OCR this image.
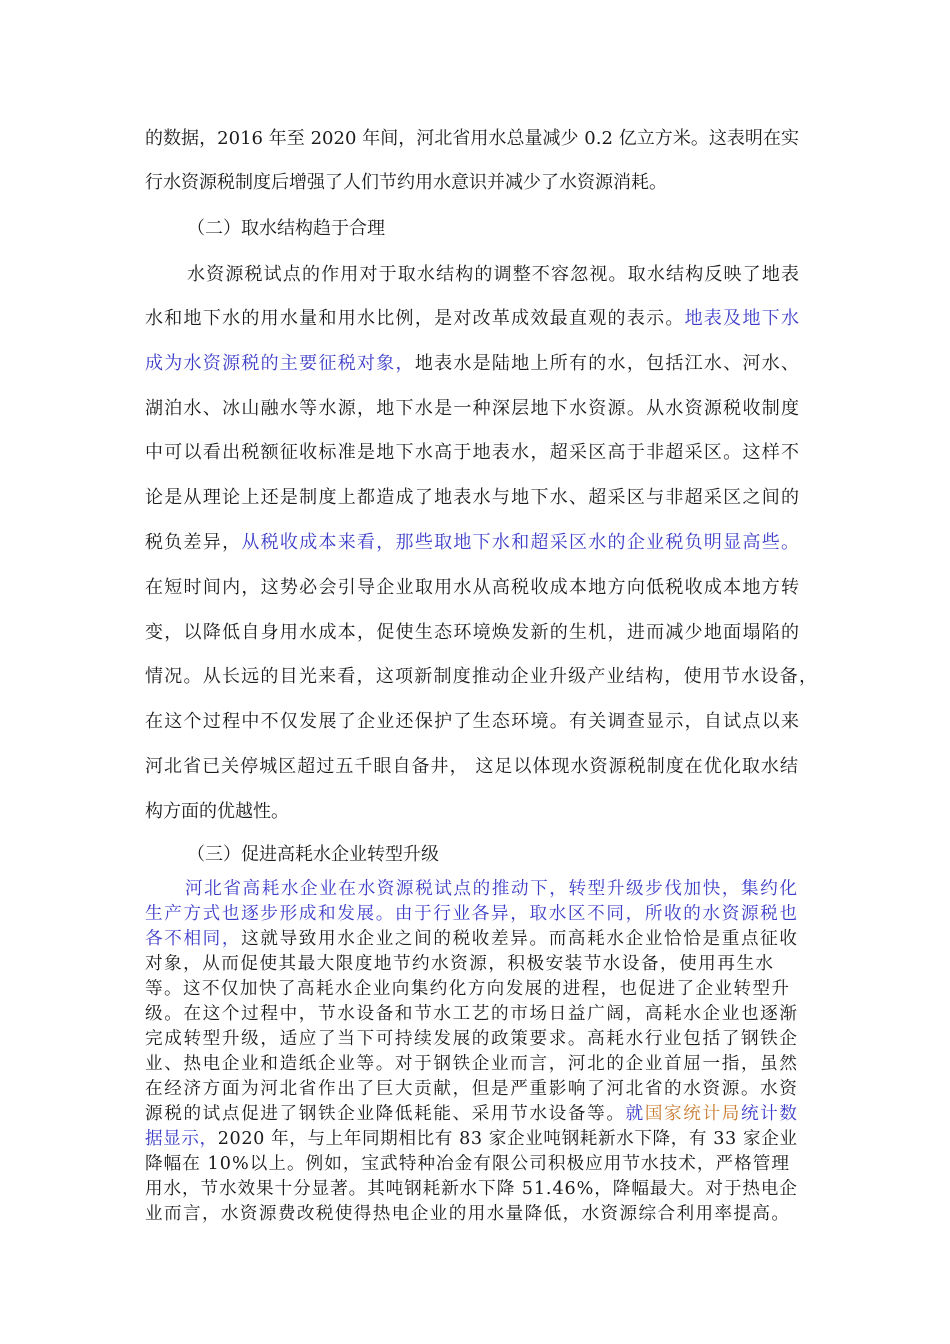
的数据，2016 年至 2020 年间，河北省用水总量减少 0.2 亿立方米。这表明在实
行水资源税制度后增强了人们节约用水意识并减少了水资源消耗。
（二）取水结构趋于合理
水资源税试点的作用对于取水结构的调整不容忽视。取水结构反映了地表
水和地下水的用水量和用水比例，是对改革成效最直观的表示。地表及地下水
成为水资源税的主要征税对象，地表水是陆地上所有的水，包括江水、河水、
湖泊水、冰山融水等水源，地下水是一种深层地下水资源。从水资源税收制度
中可以看出税额征收标准是地下水高于地表水，超采区高于非超采区。这样不
论是从理论上还是制度上都造成了地表水与地下水、超采区与非超采区之间的
税负差异，从税收成本来看，那些取地下水和超采区水的企业税负明显高些。
在短时间内，这势必会引导企业取用水从高税收成本地方向低税收成本地方转
变，以降低自身用水成本，促使生态环境焕发新的生机，进而减少地面塌陷的
情况。从长远的目光来看，这项新制度推动企业升级产业结构，使用节水设备，
在这个过程中不仅发展了企业还保护了生态环境。有关调查显示，自试点以来
河北省已关停城区超过五千眼自备井， 这足以体现水资源税制度在优化取水结
构方面的优越性。
（三）促进高耗水企业转型升级
河北省高耗水企业在水资源税试点的推动下，转型升级步伐加快，集约化
生产方式也逐步形成和发展。由于行业各异，取水区不同，所收的水资源税也
各不相同，这就导致用水企业之间的税收差异。而高耗水企业恰恰是重点征收
对象，从而促使其最大限度地节约水资源，积极安装节水设备，使用再生水
等。这不仅加快了高耗水企业向集约化方向发展的进程，也促进了企业转型升
级。在这个过程中，节水设备和节水工艺的市场日益广阔，高耗水企业也逐渐
完成转型升级，适应了当下可持续发展的政策要求。高耗水行业包括了钢铁企
业、热电企业和造纸企业等。对于钢铁企业而言，河北的企业首屈一指，虽然
在经济方面为河北省作出了巨大贡献，但是严重影响了河北省的水资源。水资
源税的试点促进了钢铁企业降低耗能、采用节水设备等。就国家统计局统计数
据显示，2020 年，与上年同期相比有 83 家企业吨钢耗新水下降，有 33 家企业
降幅在 10%以上。例如，宝武特种冶金有限公司积极应用节水技术，严格管理
用水，节水效果十分显著。其吨钢耗新水下降 51.46%，降幅最大。对于热电企
业而言，水资源费改税使得热电企业的用水量降低，水资源综合利用率提高。
